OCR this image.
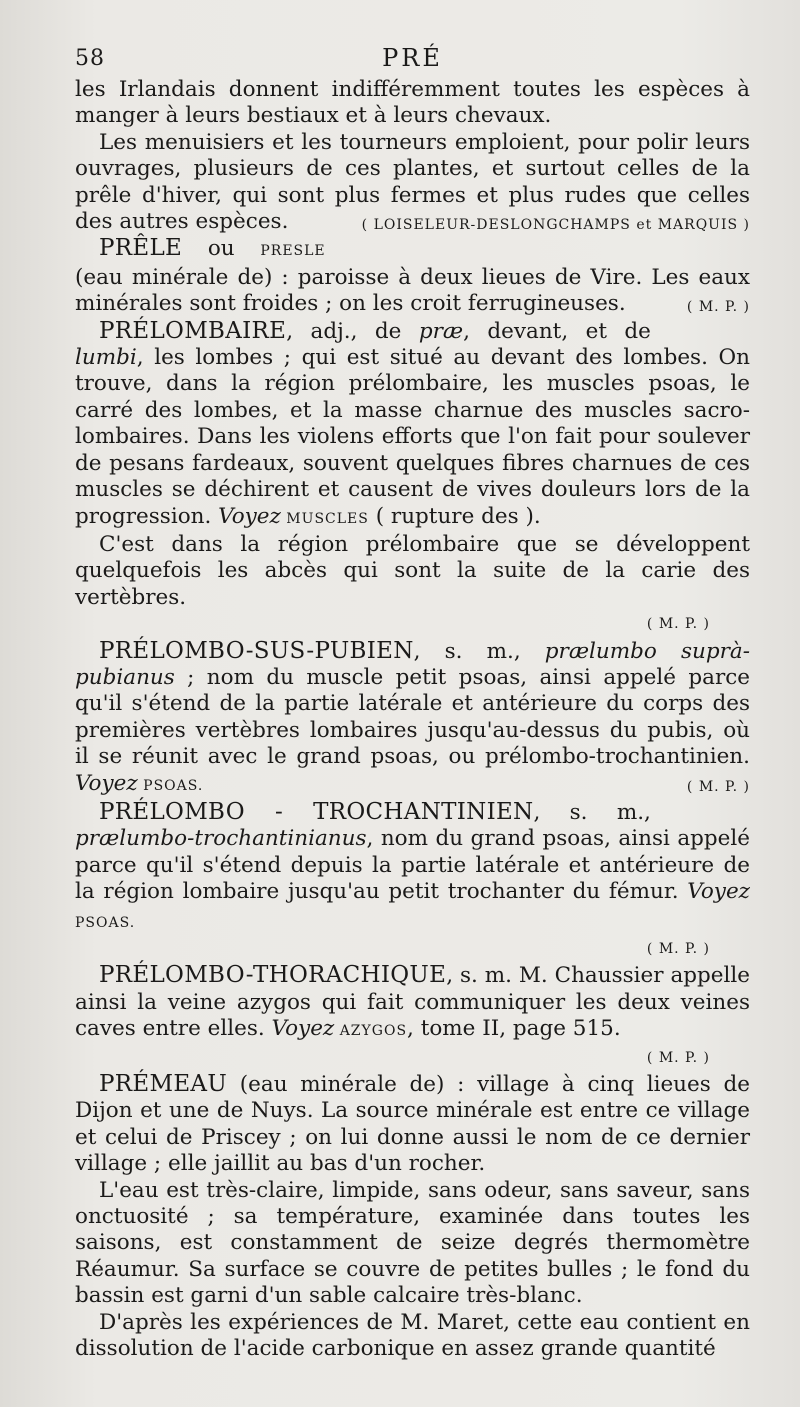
58	PRÉ

les Irlandais donnent indifféremment toutes les espèces à manger à leurs bestiaux et à leurs chevaux.

Les menuisiers et les tourneurs emploient, pour polir leurs ouvrages, plusieurs de ces plantes, et surtout celles de la prêle d'hiver, qui sont plus fermes et plus rudes que celles des autres espèces.	( LOISELEUR-DESLONGCHAMPS et MARQUIS )

PRÊLE ou PRESLE (eau minérale de) : paroisse à deux lieues de Vire. Les eaux minérales sont froides ; on les croit ferrugineuses.	( M. P. )

PRÉLOMBAIRE, adj., de præ, devant, et de lumbi, les lombes ; qui est situé au devant des lombes. On trouve, dans la région prélombaire, les muscles psoas, le carré des lombes, et la masse charnue des muscles sacro-lombaires. Dans les violens efforts que l'on fait pour soulever de pesans fardeaux, souvent quelques fibres charnues de ces muscles se déchirent et causent de vives douleurs lors de la progression. Voyez MUSCLES ( rupture des ).

C'est dans la région prélombaire que se développent quelquefois les abcès qui sont la suite de la carie des vertèbres.

( M. P. )

PRÉLOMBO-SUS-PUBIEN, s. m., prælumbo suprà-pubianus ; nom du muscle petit psoas, ainsi appelé parce qu'il s'étend de la partie latérale et antérieure du corps des premières vertèbres lombaires jusqu'au-dessus du pubis, où il se réunit avec le grand psoas, ou prélombo-trochantinien. Voyez PSOAS.	( M. P. )

PRÉLOMBO - TROCHANTINIEN, s. m., prælumbo-trochantinianus, nom du grand psoas, ainsi appelé parce qu'il s'étend depuis la partie latérale et antérieure de la région lombaire jusqu'au petit trochanter du fémur. Voyez PSOAS.

( M. P. )

PRÉLOMBO-THORACHIQUE, s. m. M. Chaussier appelle ainsi la veine azygos qui fait communiquer les deux veines caves entre elles. Voyez AZYGOS, tome II, page 515.

( M. P. )

PRÉMEAU (eau minérale de) : village à cinq lieues de Dijon et une de Nuys. La source minérale est entre ce village et celui de Priscey ; on lui donne aussi le nom de ce dernier village ; elle jaillit au bas d'un rocher.

L'eau est très-claire, limpide, sans odeur, sans saveur, sans onctuosité ; sa température, examinée dans toutes les saisons, est constamment de seize degrés thermomètre Réaumur. Sa surface se couvre de petites bulles ; le fond du bassin est garni d'un sable calcaire très-blanc.

D'après les expériences de M. Maret, cette eau contient en dissolution de l'acide carbonique en assez grande quantité
